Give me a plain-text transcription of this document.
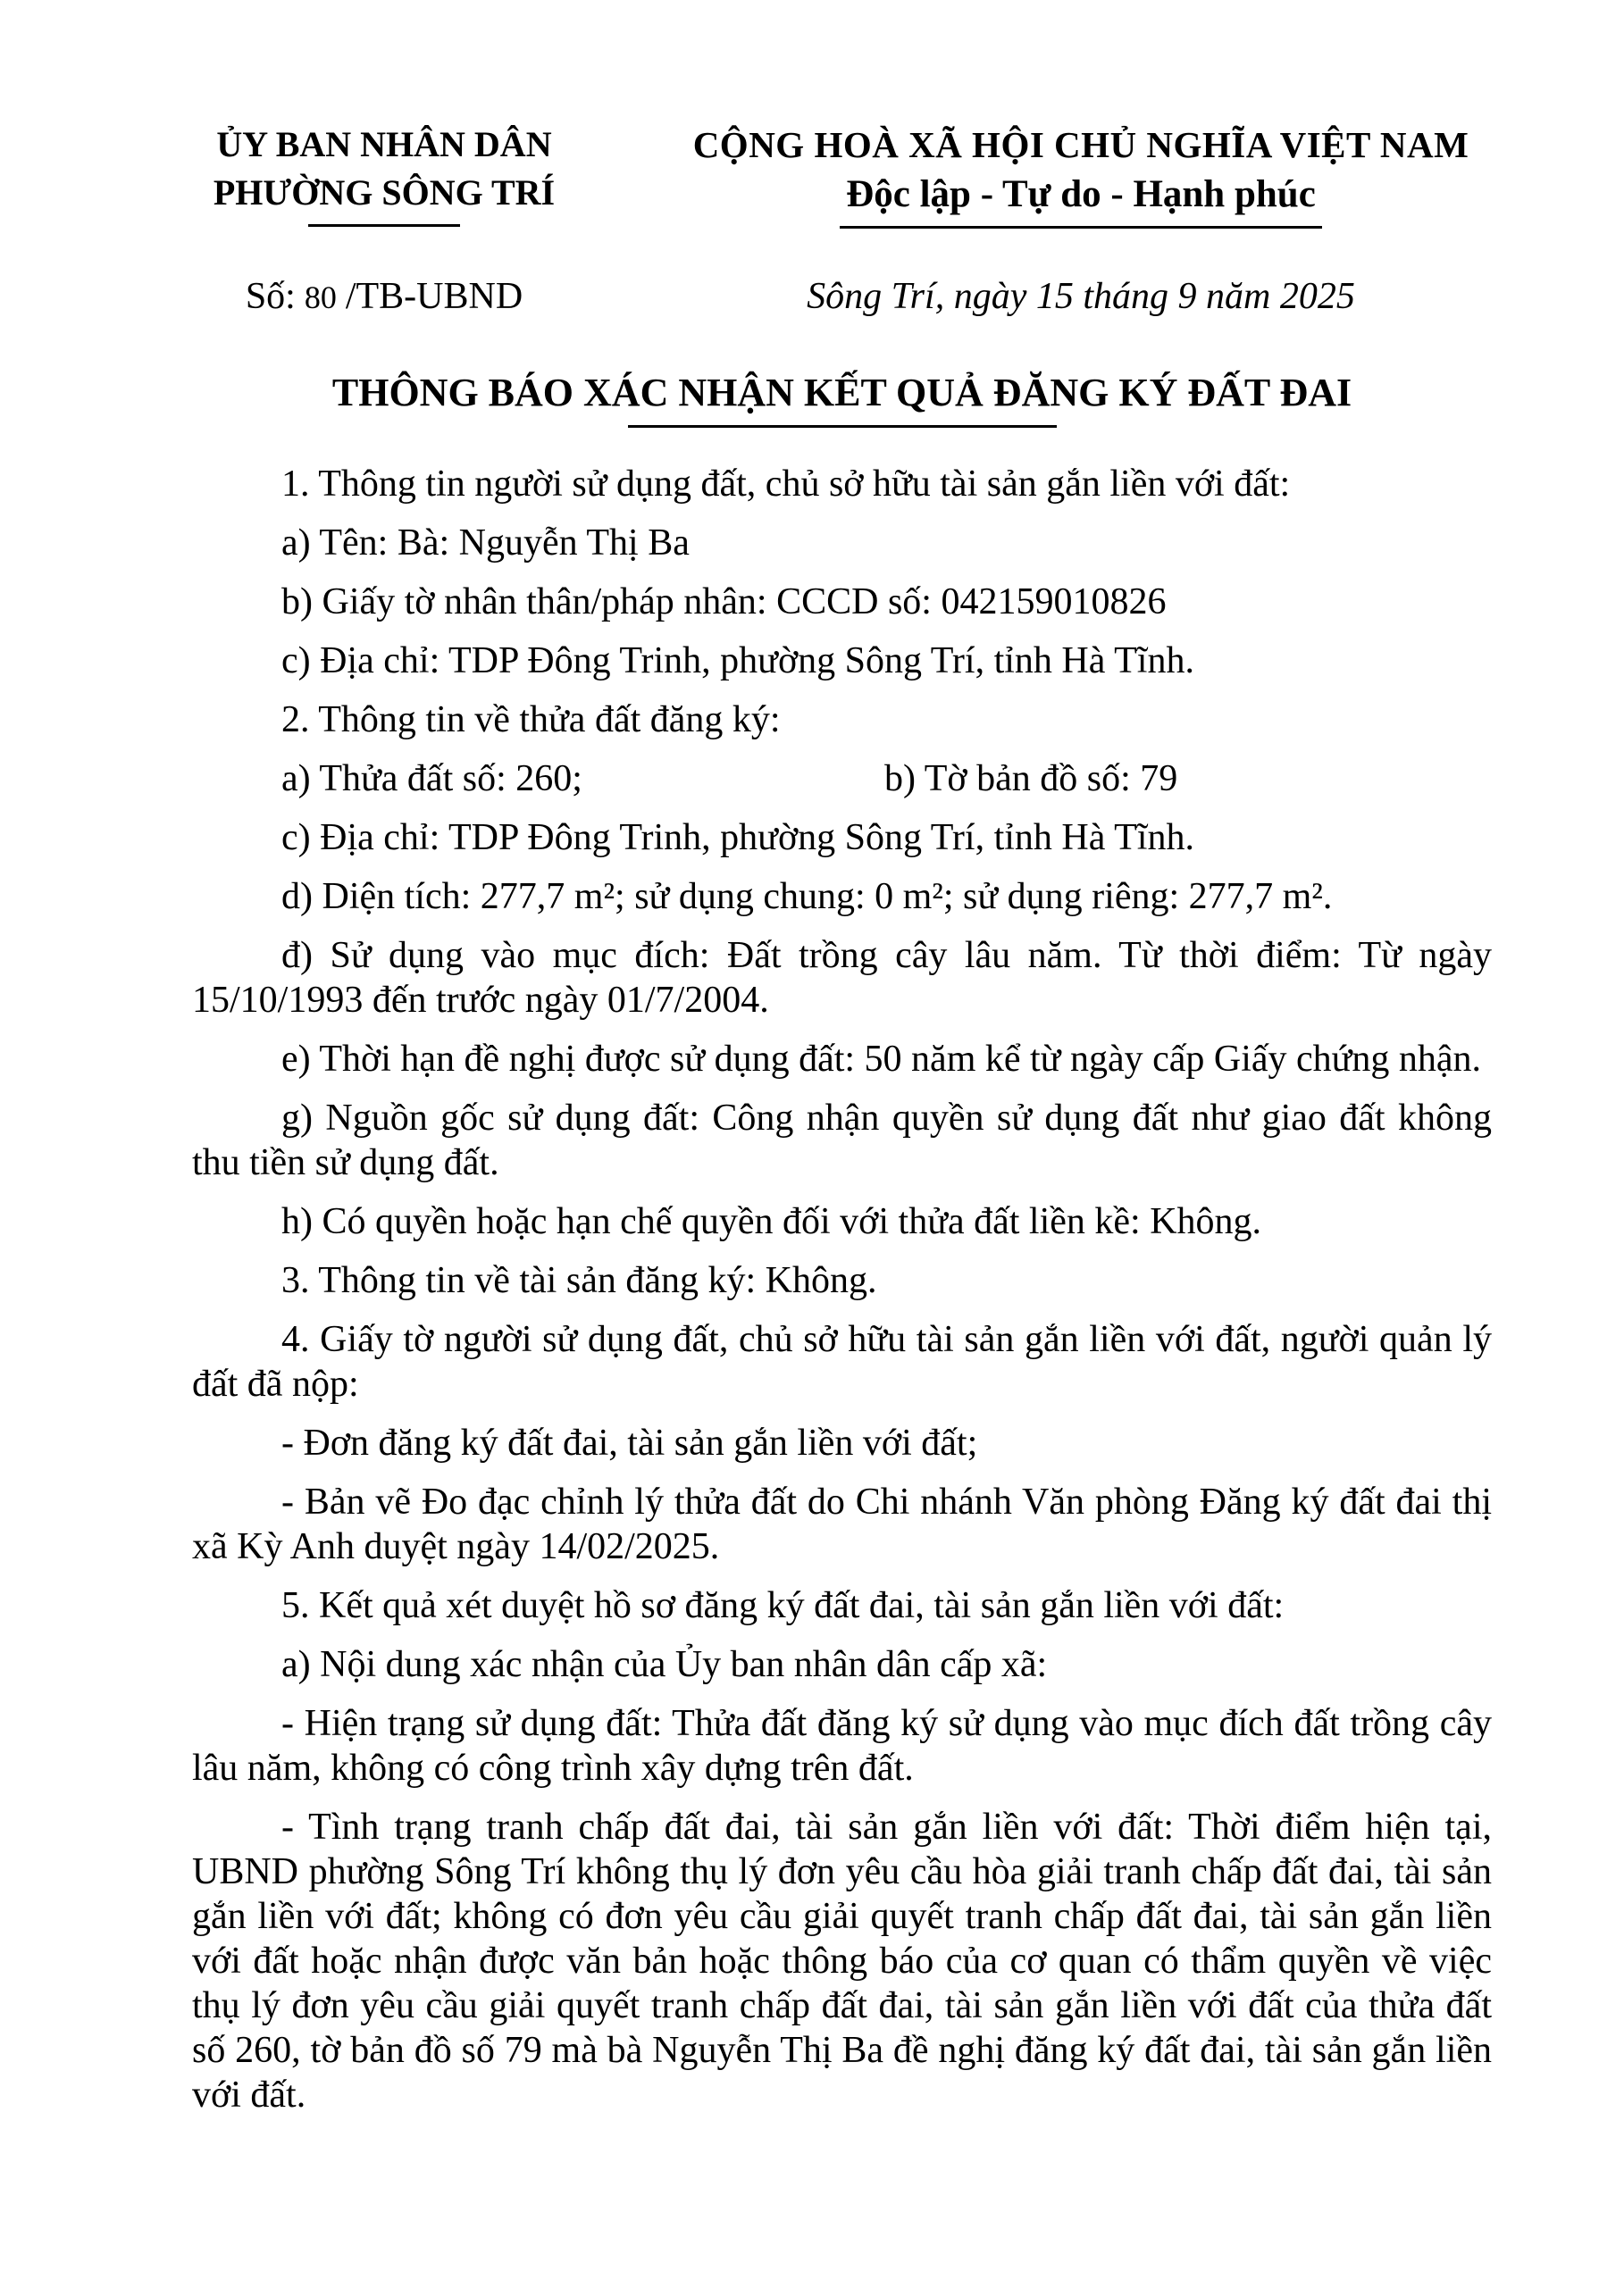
ỦY BAN NHÂN DÂN
PHƯỜNG SÔNG TRÍ
CỘNG HOÀ XÃ HỘI CHỦ NGHĨA VIỆT NAM
Độc lập - Tự do - Hạnh phúc
Số: 80 /TB-UBND	Sông Trí, ngày 15 tháng 9 năm 2025
THÔNG BÁO XÁC NHẬN KẾT QUẢ ĐĂNG KÝ ĐẤT ĐAI

1. Thông tin người sử dụng đất, chủ sở hữu tài sản gắn liền với đất:

a) Tên: Bà: Nguyễn Thị Ba

b) Giấy tờ nhân thân/pháp nhân: CCCD số: 042159010826

c) Địa chỉ: TDP Đông Trinh, phường Sông Trí, tỉnh Hà Tĩnh.

2. Thông tin về thửa đất đăng ký:

a) Thửa đất số: 260;	b) Tờ bản đồ số: 79

c) Địa chỉ: TDP Đông Trinh, phường Sông Trí, tỉnh Hà Tĩnh.

d) Diện tích: 277,7 m²; sử dụng chung: 0 m²; sử dụng riêng: 277,7 m².

đ) Sử dụng vào mục đích: Đất trồng cây lâu năm. Từ thời điểm: Từ ngày 15/10/1993 đến trước ngày 01/7/2004.

e) Thời hạn đề nghị được sử dụng đất: 50 năm kể từ ngày cấp Giấy chứng nhận.

g) Nguồn gốc sử dụng đất: Công nhận quyền sử dụng đất như giao đất không thu tiền sử dụng đất.

h) Có quyền hoặc hạn chế quyền đối với thửa đất liền kề: Không.

3. Thông tin về tài sản đăng ký: Không.

4. Giấy tờ người sử dụng đất, chủ sở hữu tài sản gắn liền với đất, người quản lý đất đã nộp:

- Đơn đăng ký đất đai, tài sản gắn liền với đất;

- Bản vẽ Đo đạc chỉnh lý thửa đất do Chi nhánh Văn phòng Đăng ký đất đai thị xã Kỳ Anh duyệt ngày 14/02/2025.

5. Kết quả xét duyệt hồ sơ đăng ký đất đai, tài sản gắn liền với đất:

a) Nội dung xác nhận của Ủy ban nhân dân cấp xã:

- Hiện trạng sử dụng đất: Thửa đất đăng ký sử dụng vào mục đích đất trồng cây lâu năm, không có công trình xây dựng trên đất.

- Tình trạng tranh chấp đất đai, tài sản gắn liền với đất: Thời điểm hiện tại, UBND phường Sông Trí không thụ lý đơn yêu cầu hòa giải tranh chấp đất đai, tài sản gắn liền với đất; không có đơn yêu cầu giải quyết tranh chấp đất đai, tài sản gắn liền với đất hoặc nhận được văn bản hoặc thông báo của cơ quan có thẩm quyền về việc thụ lý đơn yêu cầu giải quyết tranh chấp đất đai, tài sản gắn liền với đất của thửa đất số 260, tờ bản đồ số 79 mà bà Nguyễn Thị Ba đề nghị đăng ký đất đai, tài sản gắn liền với đất.
